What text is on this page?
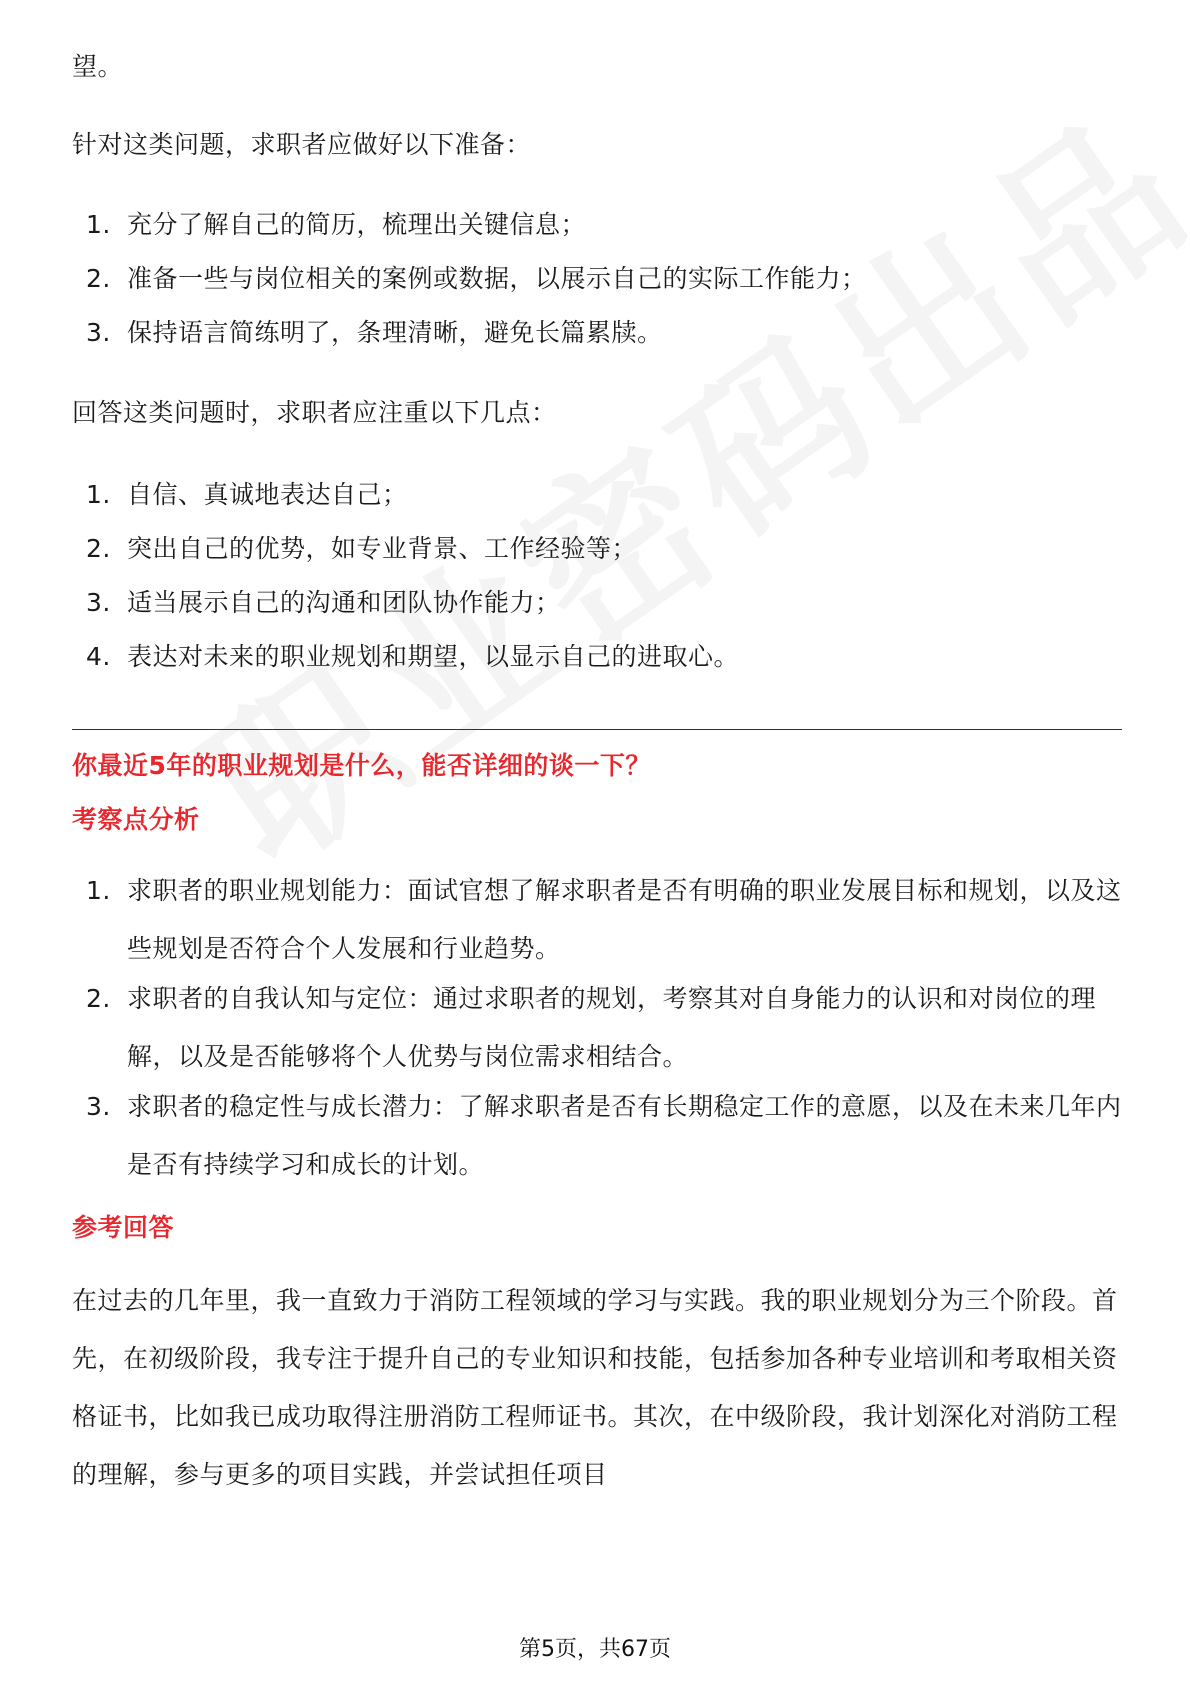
望。

针对这类问题，求职者应做好以下准备：

1. 充分了解自己的简历，梳理出关键信息；
2. 准备一些与岗位相关的案例或数据，以展示自己的实际工作能力；
3. 保持语言简练明了，条理清晰，避免长篇累牍。

回答这类问题时，求职者应注重以下几点：

1. 自信、真诚地表达自己；
2. 突出自己的优势，如专业背景、工作经验等；
3. 适当展示自己的沟通和团队协作能力；
4. 表达对未来的职业规划和期望，以显示自己的进取心。
你最近5年的职业规划是什么，能否详细的谈一下？
考察点分析
1. 求职者的职业规划能力：面试官想了解求职者是否有明确的职业发展目标和规划，以及这些规划是否符合个人发展和行业趋势。
2. 求职者的自我认知与定位：通过求职者的规划，考察其对自身能力的认识和对岗位的理解，以及是否能够将个人优势与岗位需求相结合。
3. 求职者的稳定性与成长潜力：了解求职者是否有长期稳定工作的意愿，以及在未来几年内是否有持续学习和成长的计划。
参考回答

在过去的几年里，我一直致力于消防工程领域的学习与实践。我的职业规划分为三个阶段。首先，在初级阶段，我专注于提升自己的专业知识和技能，包括参加各种专业培训和考取相关资格证书，比如我已成功取得注册消防工程师证书。其次，在中级阶段，我计划深化对消防工程的理解，参与更多的项目实践，并尝试担任项目

第5页，共67页
